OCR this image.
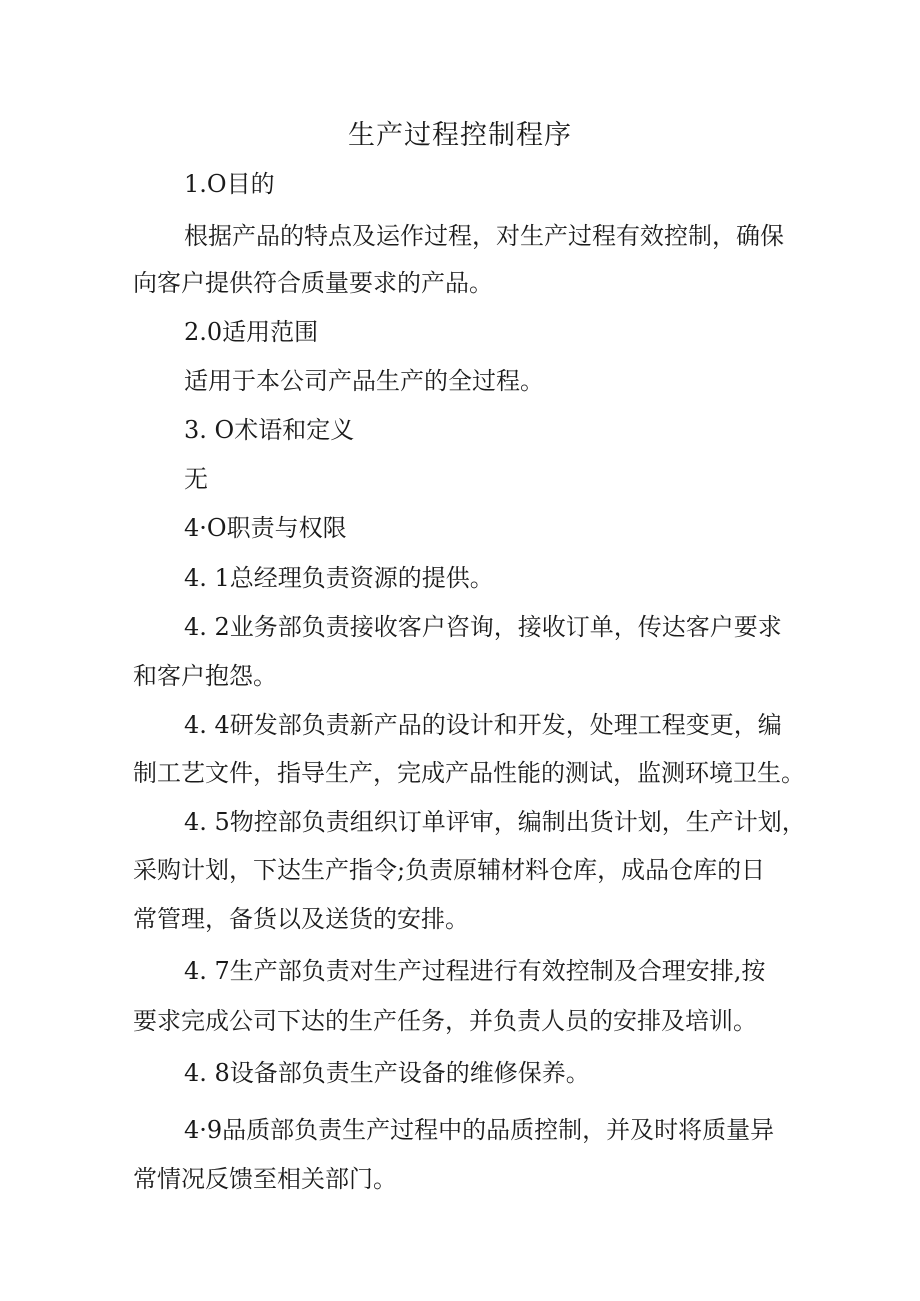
生产过程控制程序
1.O目的
根据产品的特点及运作过程，对生产过程有效控制，确保
向客户提供符合质量要求的产品。
2.0适用范围
适用于本公司产品生产的全过程。
3. O术语和定义
无
4·O职责与权限
4. 1总经理负责资源的提供。
4. 2业务部负责接收客户咨询，接收订单，传达客户要求
和客户抱怨。
4. 4研发部负责新产品的设计和开发，处理工程变更，编
制工艺文件，指导生产，完成产品性能的测试，监测环境卫生。
4. 5物控部负责组织订单评审，编制出货计划，生产计划，
采购计划，下达生产指令;负责原辅材料仓库，成品仓库的日
常管理，备货以及送货的安排。
4. 7生产部负责对生产过程进行有效控制及合理安排,按
要求完成公司下达的生产任务，并负责人员的安排及培训。
4. 8设备部负责生产设备的维修保养。
4·9品质部负责生产过程中的品质控制，并及时将质量异
常情况反馈至相关部门。
